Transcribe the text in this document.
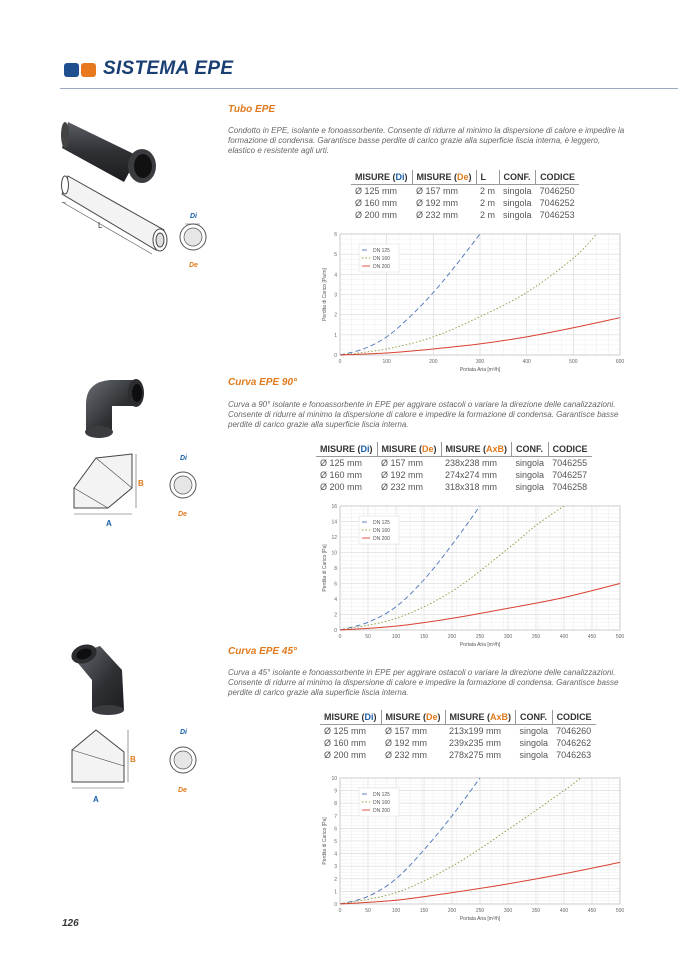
SISTEMA EPE
L
Di
De
Tubo EPE
Condotto in EPE, isolante e fonoassorbente. Consente di ridurre al minimo la dispersione di calore e impedire la formazione di condensa. Garantisce basse perdite di carico grazie alla superficie liscia interna, è leggero, elastico e resistente agli urti.
MISURE (Di)	MISURE (De)	L	CONF.	CODICE
Ø 125 mm	Ø 157 mm	2 m	singola	7046250
Ø 160 mm	Ø 192 mm	2 m	singola	7046252
Ø 200 mm	Ø 232 mm	2 m	singola	7046253
0	100	200	300	400	500	600
0
1
2
3
4
5
6
Portata Aria [m³/h]
Perdita di Carico [Pa/m]
DN 125
DN 160
DN 200
A
B
Di
De
Curva EPE 90°
Curva a 90° isolante e fonoassorbente in EPE per aggirare ostacoli o variare la direzione delle canalizzazioni. Consente di ridurre al minimo la dispersione di calore e impedire la formazione di condensa. Garantisce basse perdite di carico grazie alla superficie liscia interna.
MISURE (Di)	MISURE (De)	MISURE (AxB)	CONF.	CODICE
Ø 125 mm	Ø 157 mm	238x238 mm	singola	7046255
Ø 160 mm	Ø 192 mm	274x274 mm	singola	7046257
Ø 200 mm	Ø 232 mm	318x318 mm	singola	7046258
0	50	100	150	200	250	300	350	400	450	500
0
2
4
6
8
10
12
14
16
Portata Aria [m³/h]
Perdita di Carico [Pa]
DN 125
DN 160
DN 200
A
B
Di
De
Curva EPE 45°
Curva a 45° isolante e fonoassorbente in EPE per aggirare ostacoli o variare la direzione delle canalizzazioni. Consente di ridurre al minimo la dispersione di calore e impedire la formazione di condensa. Garantisce basse perdite di carico grazie alla superficie liscia interna.
MISURE (Di)	MISURE (De)	MISURE (AxB)	CONF.	CODICE
Ø 125 mm	Ø 157 mm	213x199 mm	singola	7046260
Ø 160 mm	Ø 192 mm	239x235 mm	singola	7046262
Ø 200 mm	Ø 232 mm	278x275 mm	singola	7046263
0	50	100	150	200	250	300	350	400	450	500
0
1
2
3
4
5
6
7
8
9
10
Portata Aria [m³/h]
Perdita di Carico [Pa]
DN 125
DN 160
DN 200
126
